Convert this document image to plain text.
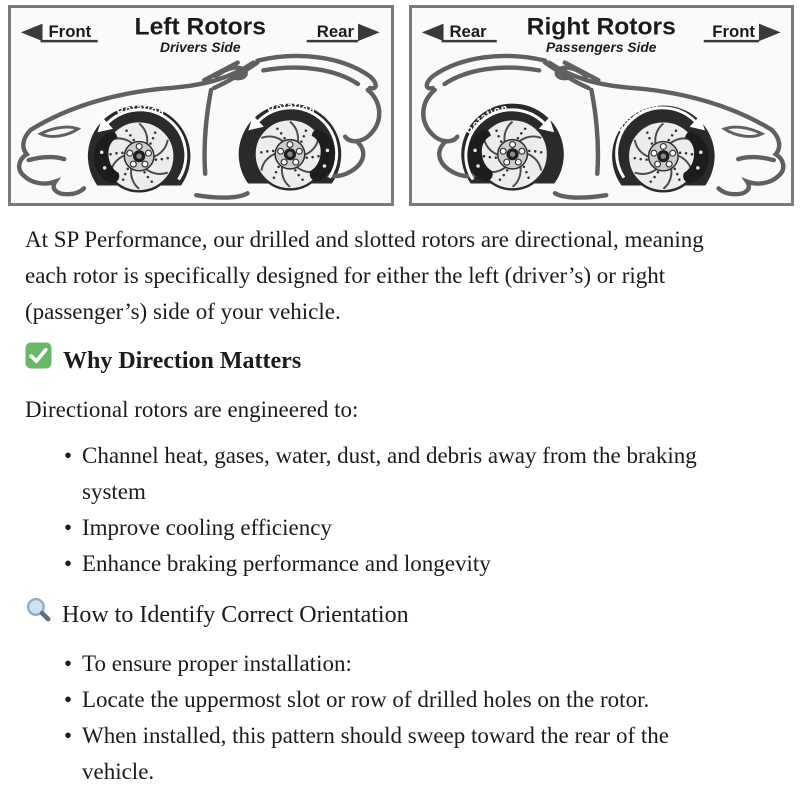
Rotation	Rotation
Front Left Rotors
Drivers Side
Rear
Rotation
Rotation
Rear Right Rotors
Passengers Side
Front

At SP Performance, our drilled and slotted rotors are directional, meaning each rotor is specifically designed for either the left (driver’s) or right (passenger’s) side of your vehicle.

Why Direction Matters

Directional rotors are engineered to:

• Channel heat, gases, water, dust, and debris away from the braking system
• Improve cooling efficiency
• Enhance braking performance and longevity
How to Identify Correct Orientation
• To ensure proper installation:
• Locate the uppermost slot or row of drilled holes on the rotor.
• When installed, this pattern should sweep toward the rear of the vehicle.
